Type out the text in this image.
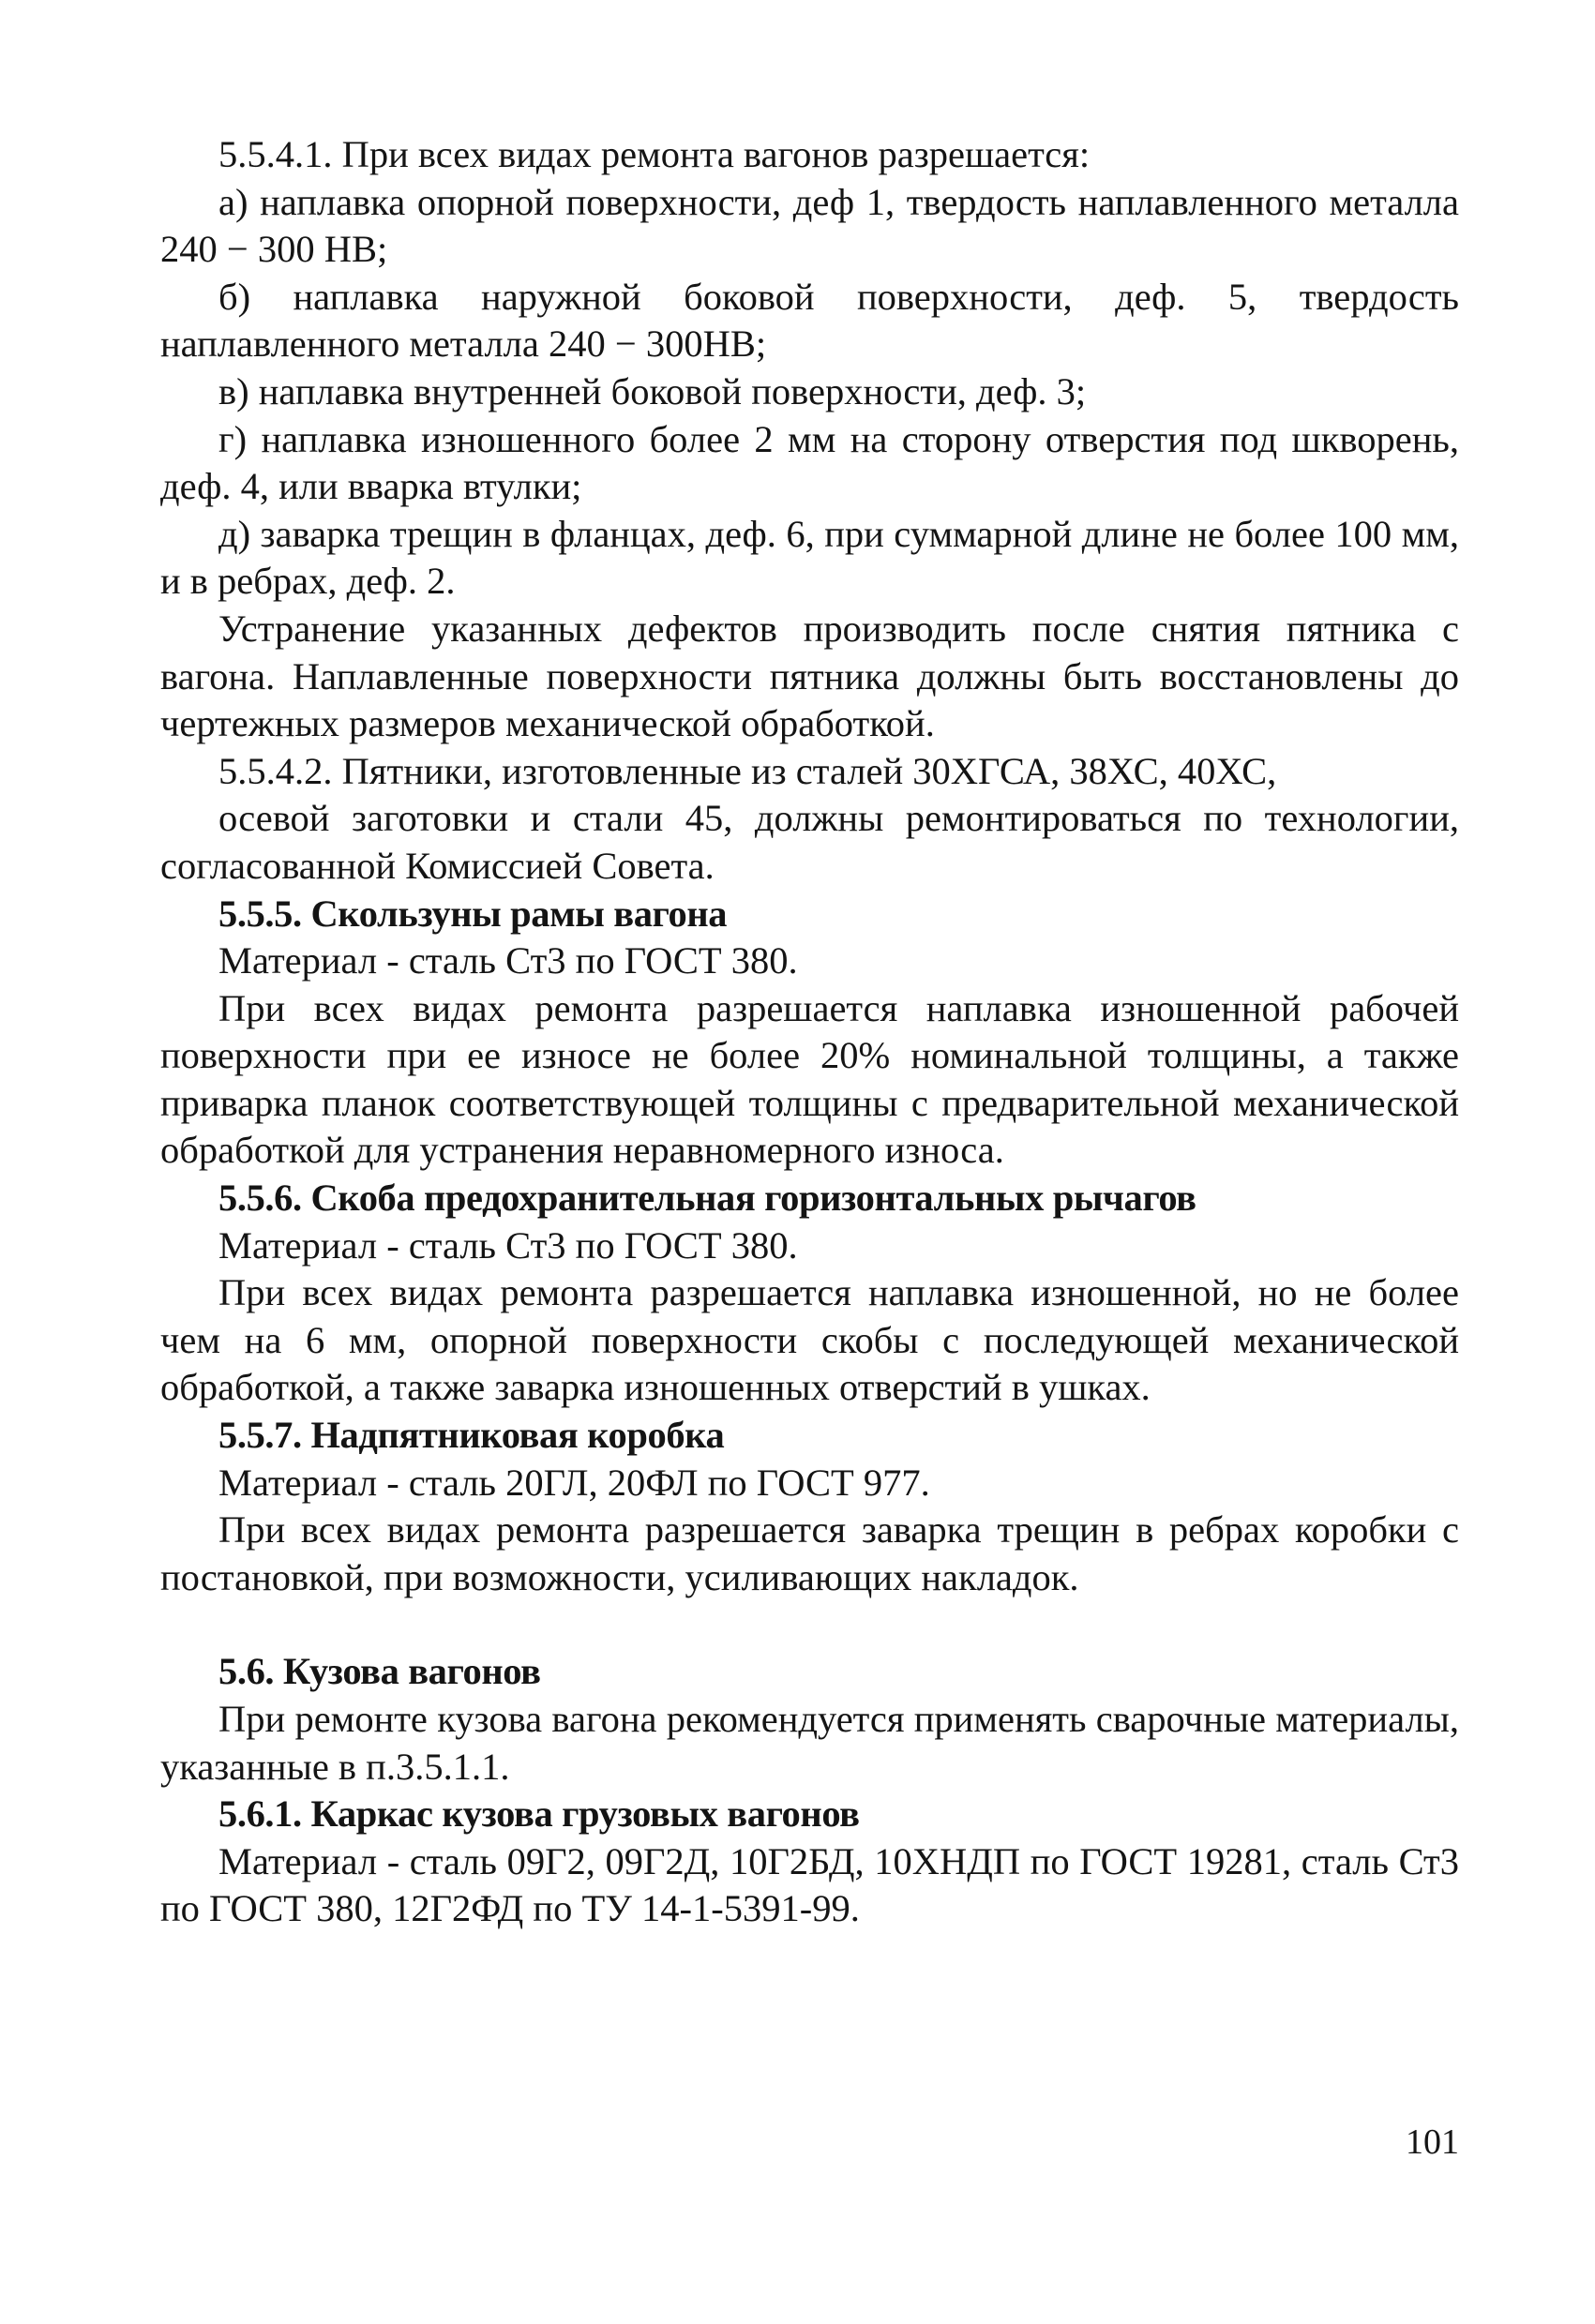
5.5.4.1. При всех видах ремонта вагонов разрешается:

а) наплавка опорной поверхности, деф 1, твердость наплавленного металла 240 − 300 НВ;

б) наплавка наружной боковой поверхности, деф. 5, твердость наплавленного металла 240 − 300НВ;

в) наплавка внутренней боковой поверхности, деф. 3;

г) наплавка изношенного более 2 мм на сторону отверстия под шкворень, деф. 4, или вварка втулки;

д) заварка трещин в фланцах, деф. 6, при суммарной длине не более 100 мм, и в ребрах, деф. 2.

Устранение указанных дефектов производить после снятия пятника с вагона. Наплавленные поверхности пятника должны быть восстановлены до чертежных размеров механической обработкой.

5.5.4.2. Пятники, изготовленные из сталей 30ХГСА, 38ХС, 40ХС,

осевой заготовки и стали 45, должны ремонтироваться по технологии, согласованной Комиссией Совета.

5.5.5. Скользуны рамы вагона

Материал - сталь Ст3 по ГОСТ 380.

При всех видах ремонта разрешается наплавка изношенной рабочей поверхности при ее износе не более 20% номинальной толщины, а также приварка планок соответствующей толщины с предварительной механической обработкой для устранения неравномерного износа.

5.5.6. Скоба предохранительная горизонтальных рычагов

Материал - сталь Ст3 по ГОСТ 380.

При всех видах ремонта разрешается наплавка изношенной, но не более чем на 6 мм, опорной поверхности скобы с последующей механической обработкой, а также заварка изношенных отверстий в ушках.

5.5.7. Надпятниковая коробка

Материал - сталь 20ГЛ, 20ФЛ по ГОСТ 977.

При всех видах ремонта разрешается заварка трещин в ребрах коробки с постановкой, при возможности, усиливающих накладок.

5.6. Кузова вагонов

При ремонте кузова вагона рекомендуется применять сварочные материалы, указанные в п.3.5.1.1.

5.6.1. Каркас кузова грузовых вагонов

Материал - сталь 09Г2, 09Г2Д, 10Г2БД, 10ХНДП по ГОСТ 19281, сталь Ст3 по ГОСТ 380, 12Г2ФД по ТУ 14-1-5391-99.

101
